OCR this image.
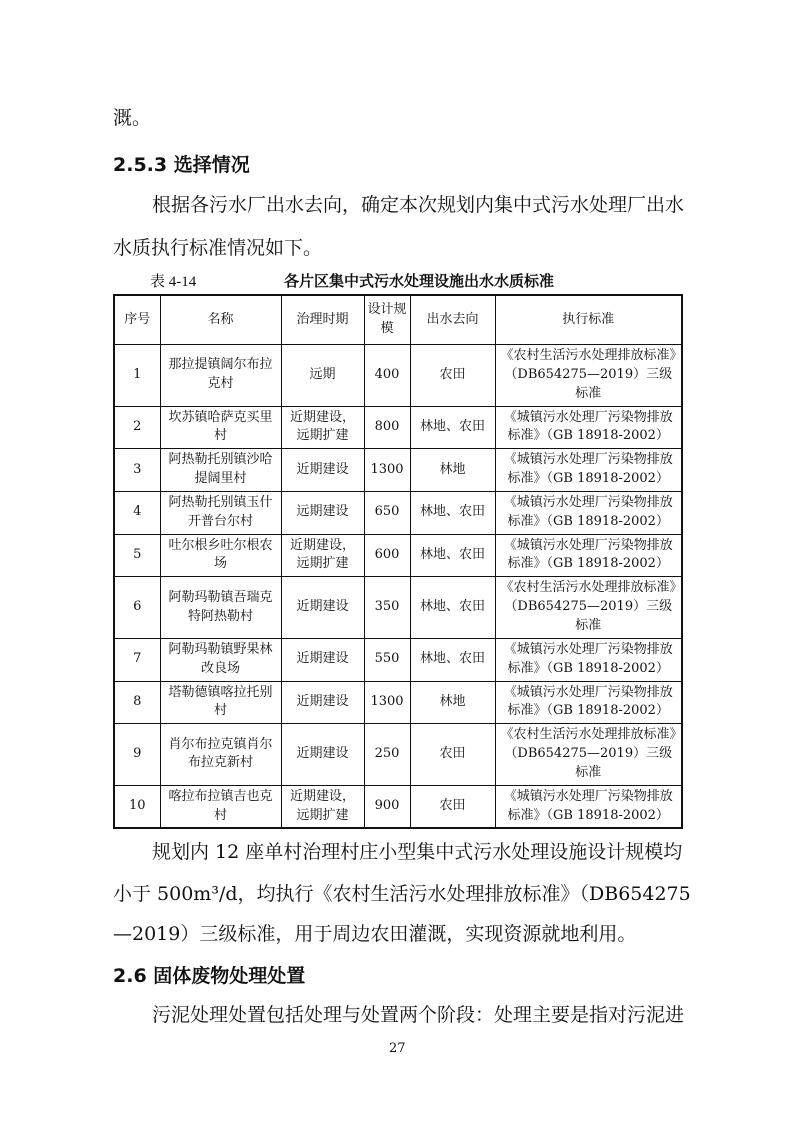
溉。

2.5.3 选择情况

根据各污水厂出水去向，确定本次规划内集中式污水处理厂出水

水质执行标准情况如下。

表 4-14	各片区集中式污水处理设施出水水质标准

序号	名称	治理时期	设计规模	出水去向	执行标准
1	那拉提镇阔尔布拉克村	远期	400	农田	《农村生活污水处理排放标准》（DB654275—2019）三级标准
2	坎苏镇哈萨克买里村	近期建设，远期扩建	800	林地、农田	《城镇污水处理厂污染物排放标准》（GB 18918-2002）
3	阿热勒托别镇沙哈提阔里村	近期建设	1300	林地	《城镇污水处理厂污染物排放标准》（GB 18918-2002）
4	阿热勒托别镇玉什开普台尔村	远期建设	650	林地、农田	《城镇污水处理厂污染物排放标准》（GB 18918-2002）
5	吐尔根乡吐尔根农场	近期建设，远期扩建	600	林地、农田	《城镇污水处理厂污染物排放标准》（GB 18918-2002）
6	阿勒玛勒镇吾瑞克特阿热勒村	近期建设	350	林地、农田	《农村生活污水处理排放标准》（DB654275—2019）三级标准
7	阿勒玛勒镇野果林改良场	近期建设	550	林地、农田	《城镇污水处理厂污染物排放标准》（GB 18918-2002）
8	塔勒德镇喀拉托别村	近期建设	1300	林地	《城镇污水处理厂污染物排放标准》（GB 18918-2002）
9	肖尔布拉克镇肖尔布拉克新村	近期建设	250	农田	《农村生活污水处理排放标准》（DB654275—2019）三级标准
10	喀拉布拉镇吉也克村	近期建设，远期扩建	900	农田	《城镇污水处理厂污染物排放标准》（GB 18918-2002）

规划内 12 座单村治理村庄小型集中式污水处理设施设计规模均

小于 500m³/d，均执行《农村生活污水处理排放标准》（DB654275

—2019）三级标准，用于周边农田灌溉，实现资源就地利用。

2.6 固体废物处理处置

污泥处理处置包括处理与处置两个阶段：处理主要是指对污泥进

27
